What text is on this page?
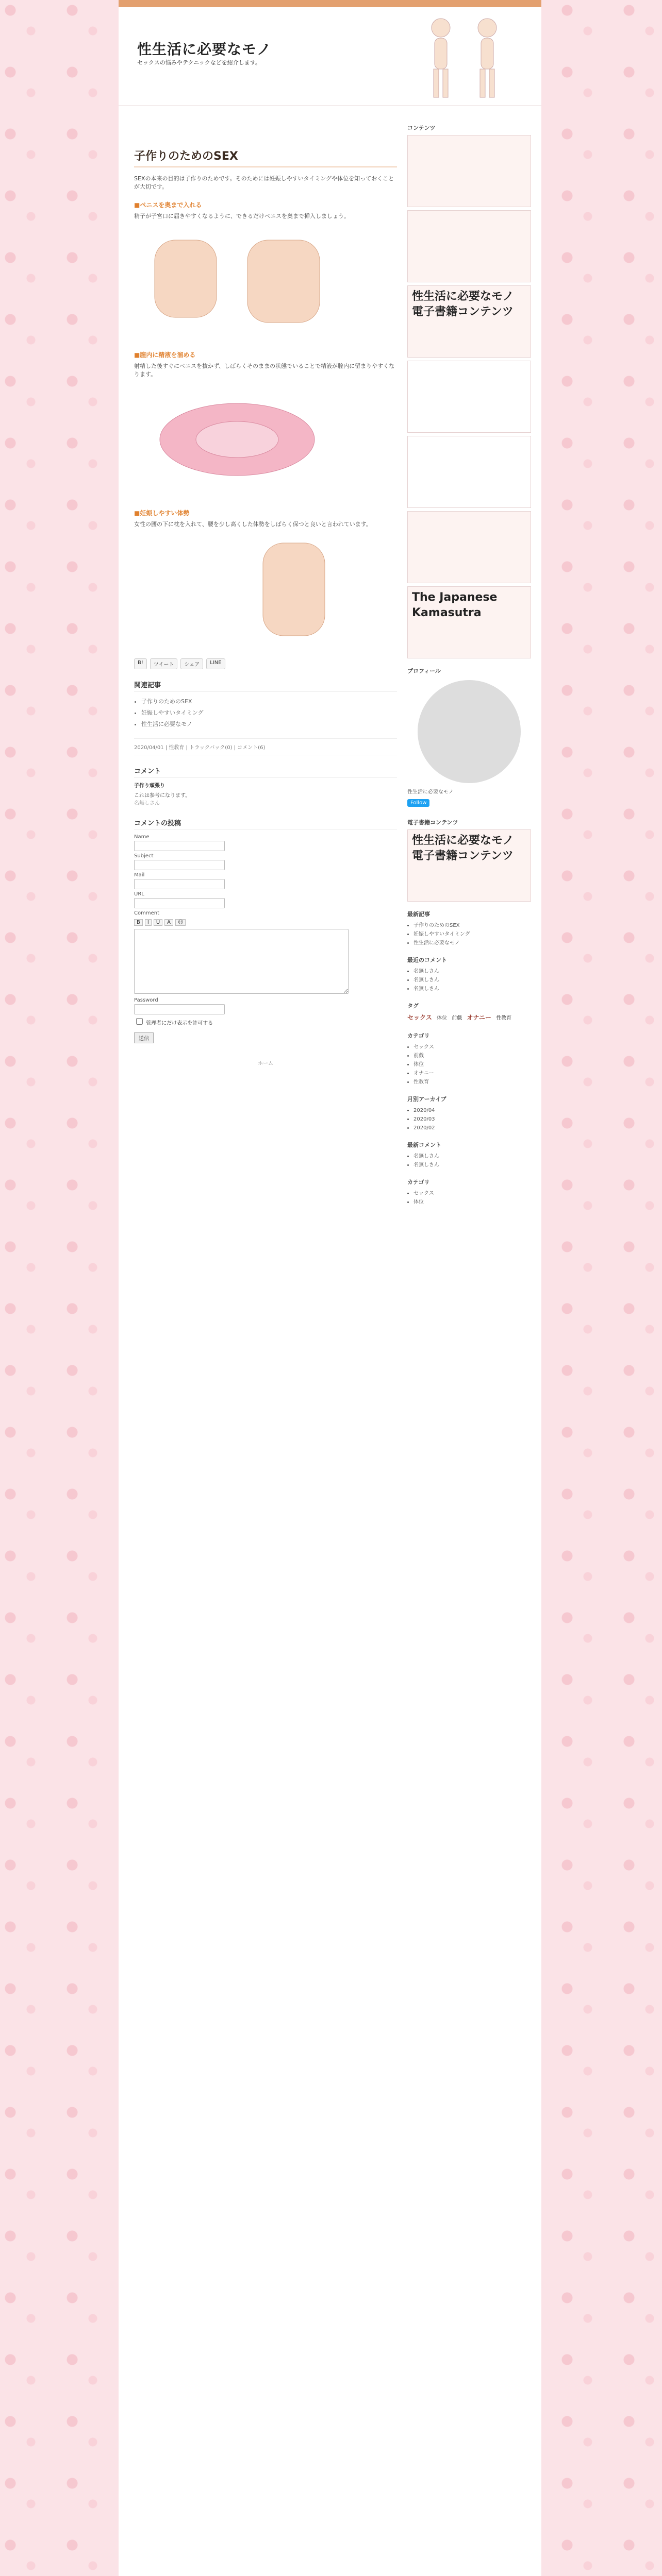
性生活に必要なモノ
セックスの悩みやテクニックなどを紹介します。
子作りのためのSEX

SEXの本来の目的は子作りのためです。そのためには妊娠しやすいタイミングや体位を知っておくことが大切です。

■ペニスを奥まで入れる

精子が子宮口に届きやすくなるように、できるだけペニスを奥まで挿入しましょう。

■膣内に精液を溜める

射精した後すぐにペニスを抜かず、しばらくそのままの状態でいることで精液が膣内に留まりやすくなります。

■妊娠しやすい体勢

女性の腰の下に枕を入れて、腰を少し高くした体勢をしばらく保つと良いと言われています。

B!	ツイート	シェア	LINE
関連記事
• 子作りのためのSEX
• 妊娠しやすいタイミング
• 性生活に必要なモノ
2020/04/01 | 性教育 | トラックバック(0) | コメント(6)
コメント
子作り頑張り
これは参考になります。
名無しさん
コメントの投稿
Name
Subject
Mail
URL
Comment
B	I	U	A	☺
Password
管理者にだけ表示を許可する
送信
ホーム
コンテンツ
性生活に必要なモノ 電子書籍コンテンツ
The Japanese Kamasutra
プロフィール
性生活に必要なモノ
Follow
電子書籍コンテンツ
性生活に必要なモノ 電子書籍コンテンツ
最新記事
• 子作りのためのSEX
• 妊娠しやすいタイミング
• 性生活に必要なモノ
最近のコメント
• 名無しさん
• 名無しさん
• 名無しさん
タグ
セックス 体位 前戯 オナニー 性教育
カテゴリ
• セックス
• 前戯
• 体位
• オナニー
• 性教育
月別アーカイブ
• 2020/04
• 2020/03
• 2020/02
最新コメント
• 名無しさん
• 名無しさん
カテゴリ
• セックス
• 体位
